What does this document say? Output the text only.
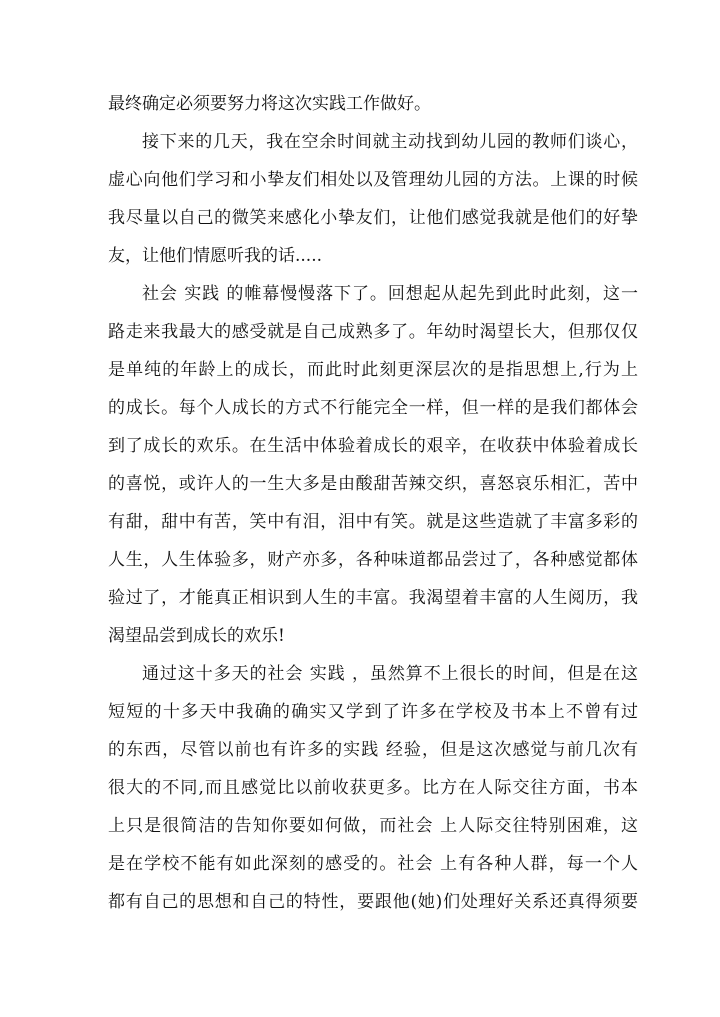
最终确定必须要努力将这次实践工作做好。
接下来的几天，我在空余时间就主动找到幼儿园的教师们谈心，
虚心向他们学习和小挚友们相处以及管理幼儿园的方法。上课的时候
我尽量以自己的微笑来感化小挚友们，让他们感觉我就是他们的好挚
友，让他们情愿听我的话.....
社会 实践 的帷幕慢慢落下了。回想起从起先到此时此刻，这一
路走来我最大的感受就是自己成熟多了。年幼时渴望长大，但那仅仅
是单纯的年龄上的成长，而此时此刻更深层次的是指思想上,行为上
的成长。每个人成长的方式不行能完全一样，但一样的是我们都体会
到了成长的欢乐。在生活中体验着成长的艰辛，在收获中体验着成长
的喜悦，或许人的一生大多是由酸甜苦辣交织，喜怒哀乐相汇，苦中
有甜，甜中有苦，笑中有泪，泪中有笑。就是这些造就了丰富多彩的
人生，人生体验多，财产亦多，各种味道都品尝过了，各种感觉都体
验过了，才能真正相识到人生的丰富。我渴望着丰富的人生阅历，我
渴望品尝到成长的欢乐!
通过这十多天的社会 实践 ，虽然算不上很长的时间，但是在这
短短的十多天中我确的确实又学到了许多在学校及书本上不曾有过
的东西，尽管以前也有许多的实践 经验，但是这次感觉与前几次有
很大的不同,而且感觉比以前收获更多。比方在人际交往方面，书本
上只是很简洁的告知你要如何做，而社会 上人际交往特别困难，这
是在学校不能有如此深刻的感受的。社会 上有各种人群，每一个人
都有自己的思想和自己的特性，要跟他(她)们处理好关系还真得须要
